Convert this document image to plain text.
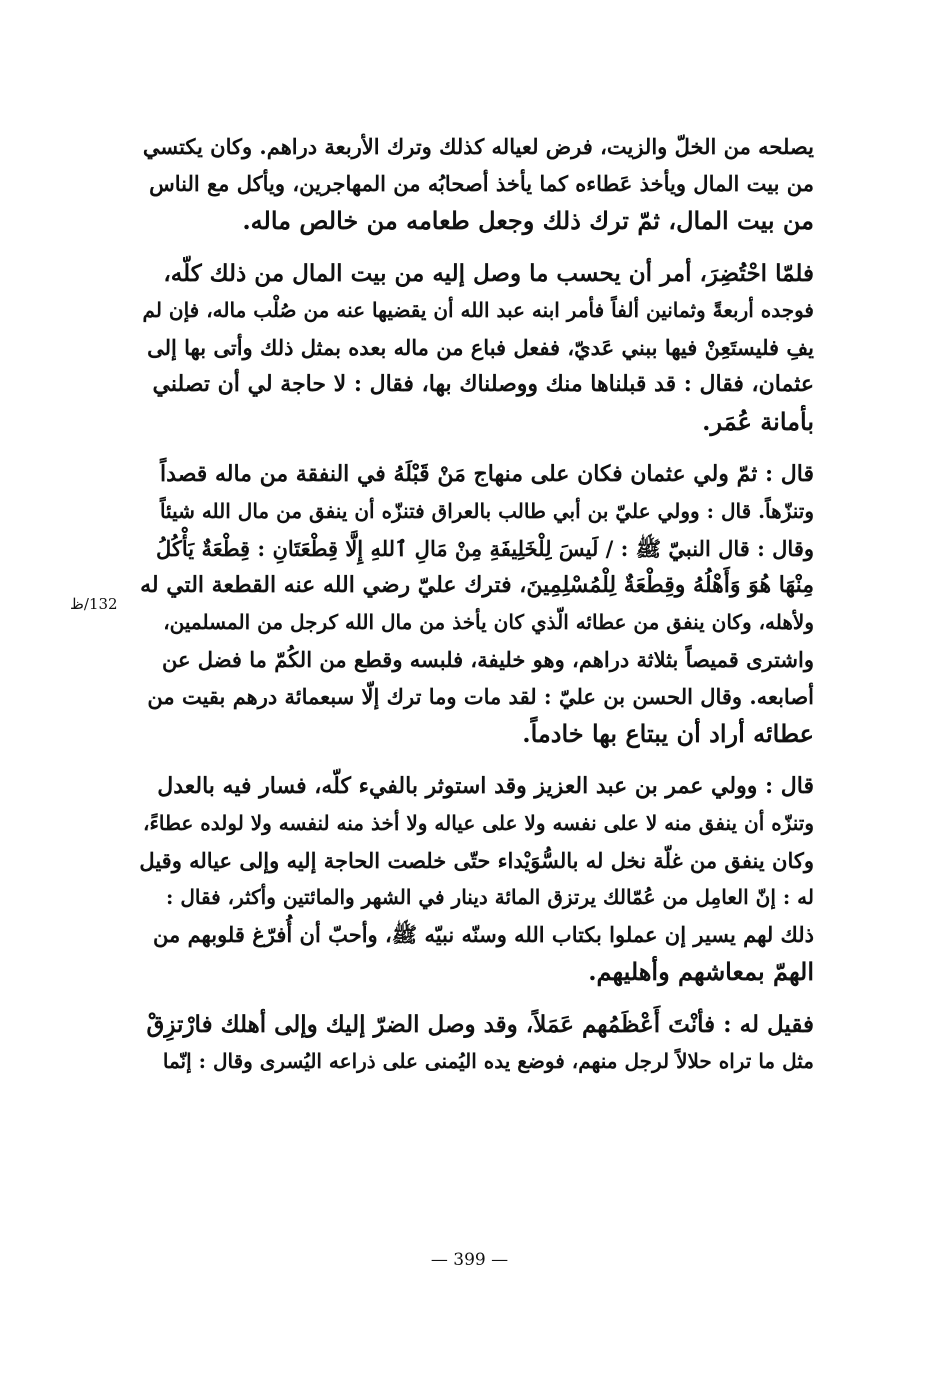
يصلحه من الخلّ والزيت، فرض لعياله كذلك وترك الأربعة دراهم. وكان يكتسي
من بيت المال ويأخذ عَطاءه كما يأخذ أصحابُه من المهاجرين، ويأكل مع الناس
من بيت المال، ثمّ ترك ذلك وجعل طعامه من خالص ماله.
فلمّا احْتُضِرَ، أمر أن يحسب ما وصل إليه من بيت المال من ذلك كلّه،
فوجده أربعةً وثمانين ألفاً فأمر ابنه عبد الله أن يقضيها عنه من صُلْب ماله، فإن لم
يفِ فليستَعِنْ فيها ببني عَديّ، ففعل فباع من ماله بعده بمثل ذلك وأتى بها إلى
عثمان، فقال : قد قبلناها منك ووصلناك بها، فقال : لا حاجة لي أن تصلني
بأمانة عُمَر.
قال : ثمّ ولي عثمان فكان على منهاج مَنْ قَبْلَهُ في النفقة من ماله قصداً
وتنزّهاً. قال : وولي عليّ بن أبي طالب بالعراق فتنزّه أن ينفق من مال الله شيئاً
وقال : قال النبيّ ﷺ : / لَيسَ لِلْخَلِيفَةِ مِنْ مَالِ ٱللهِ إِلَّا قِطْعَتَانِ : قِطْعَةٌ يَأْكُلُ
مِنْهَا هُوَ وَأَهْلُهُ وقِطْعَةٌ لِلْمُسْلِمِينَ، فترك عليّ رضي الله عنه القطعة التي له
ولأهله، وكان ينفق من عطائه الّذي كان يأخذ من مال الله كرجل من المسلمين،
واشترى قميصاً بثلاثة دراهم، وهو خليفة، فلبسه وقطع من الكُمّ ما فضل عن
أصابعه. وقال الحسن بن عليّ : لقد مات وما ترك إلّا سبعمائة درهم بقيت من
عطائه أراد أن يبتاع بها خادماً.
قال : وولي عمر بن عبد العزيز وقد استوثر بالفيء كلّه، فسار فيه بالعدل
وتنزّه أن ينفق منه لا على نفسه ولا على عياله ولا أخذ منه لنفسه ولا لولده عطاءً،
وكان ينفق من غلّة نخل له بالسُّوَيْداء حتّى خلصت الحاجة إليه وإلى عياله وقيل
له : إنّ العامِل من عُمّالك يرتزق المائة دينار في الشهر والمائتين وأكثر، فقال :
ذلك لهم يسير إن عملوا بكتاب الله وسنّه نبيّه ﷺ، وأحبّ أن أُفرّغ قلوبهم من
الهمّ بمعاشهم وأهليهم.
فقيل له : فأنْتَ أَعْظَمُهم عَمَلاً، وقد وصل الضرّ إليك وإلى أهلك فارْتزِقْ
مثل ما تراه حلالاً لرجل منهم، فوضع يده اليُمنى على ذراعه اليُسرى وقال : إنّما
132/ظ
— 399 —
